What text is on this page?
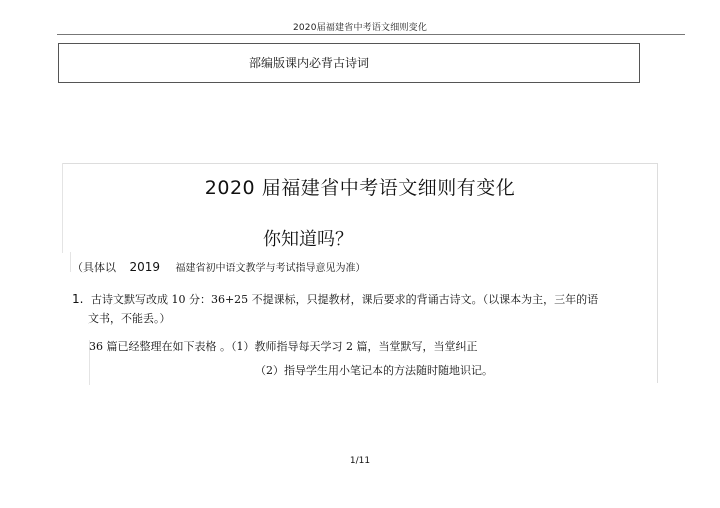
2020届福建省中考语文细则变化
部编版课内必背古诗词
2020 届福建省中考语文细则有变化
你知道吗？
（具体以 2019 福建省初中语文教学与考试指导意见为准）
1. 古诗文默写改成 10 分：36+25 不提课标，只提教材，课后要求的背诵古诗文。（以课本为主，三年的语
文书，不能丢。）
36 篇已经整理在如下表格 。（1）教师指导每天学习 2 篇，当堂默写，当堂纠正
（2）指导学生用小笔记本的方法随时随地识记。
1/11
